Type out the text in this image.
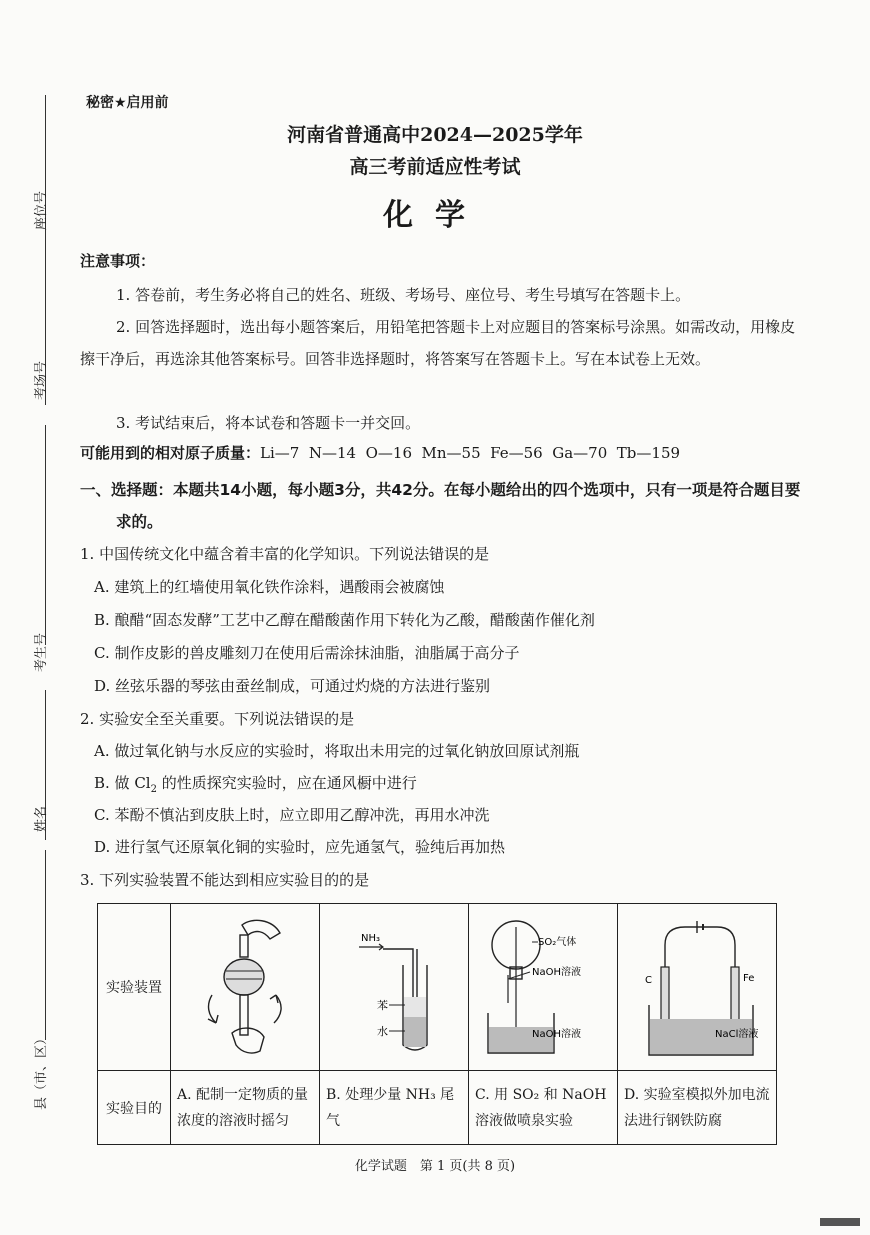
座位号
考场号
考生号
姓名
县（市、区）
秘密★启用前
河南省普通高中2024—2025学年
高三考前适应性考试
化学
注意事项：
1. 答卷前，考生务必将自己的姓名、班级、考场号、座位号、考生号填写在答题卡上。
2. 回答选择题时，选出每小题答案后，用铅笔把答题卡上对应题目的答案标号涂黑。如需改动，用橡皮擦干净后，再选涂其他答案标号。回答非选择题时，将答案写在答题卡上。写在本试卷上无效。
3. 考试结束后，将本试卷和答题卡一并交回。
可能用到的相对原子质量：Li—7  N—14  O—16  Mn—55  Fe—56  Ga—70  Tb—159
一、选择题：本题共14小题，每小题3分，共42分。在每小题给出的四个选项中，只有一项是符合题目要求的。
1. 中国传统文化中蕴含着丰富的化学知识。下列说法错误的是
A. 建筑上的红墙使用氧化铁作涂料，遇酸雨会被腐蚀
B. 酿醋“固态发酵”工艺中乙醇在醋酸菌作用下转化为乙酸，醋酸菌作催化剂
C. 制作皮影的兽皮雕刻刀在使用后需涂抹油脂，油脂属于高分子
D. 丝弦乐器的琴弦由蚕丝制成，可通过灼烧的方法进行鉴别
2. 实验安全至关重要。下列说法错误的是
A. 做过氧化钠与水反应的实验时，将取出未用完的过氧化钠放回原试剂瓶
B. 做 $Cl_2$ 的性质探究实验时，应在通风橱中进行
C. 苯酚不慎沾到皮肤上时，应立即用乙醇冲洗，再用水冲洗
D. 进行氢气还原氧化铜的实验时，应先通氢气，验纯后再加热
3. 下列实验装置不能达到相应实验目的的是
实验装置		NH₃
苯
水	SO₂气体
NaOH溶液
NaOH溶液	C Fe
NaCl溶液

实验目的	A. 配制一定物质的量浓度的溶液时摇匀	B. 处理少量 NH₃ 尾气	C. 用 SO₂ 和 NaOH 溶液做喷泉实验	D. 实验室模拟外加电流法进行钢铁防腐
化学试题　第 1 页(共 8 页)
